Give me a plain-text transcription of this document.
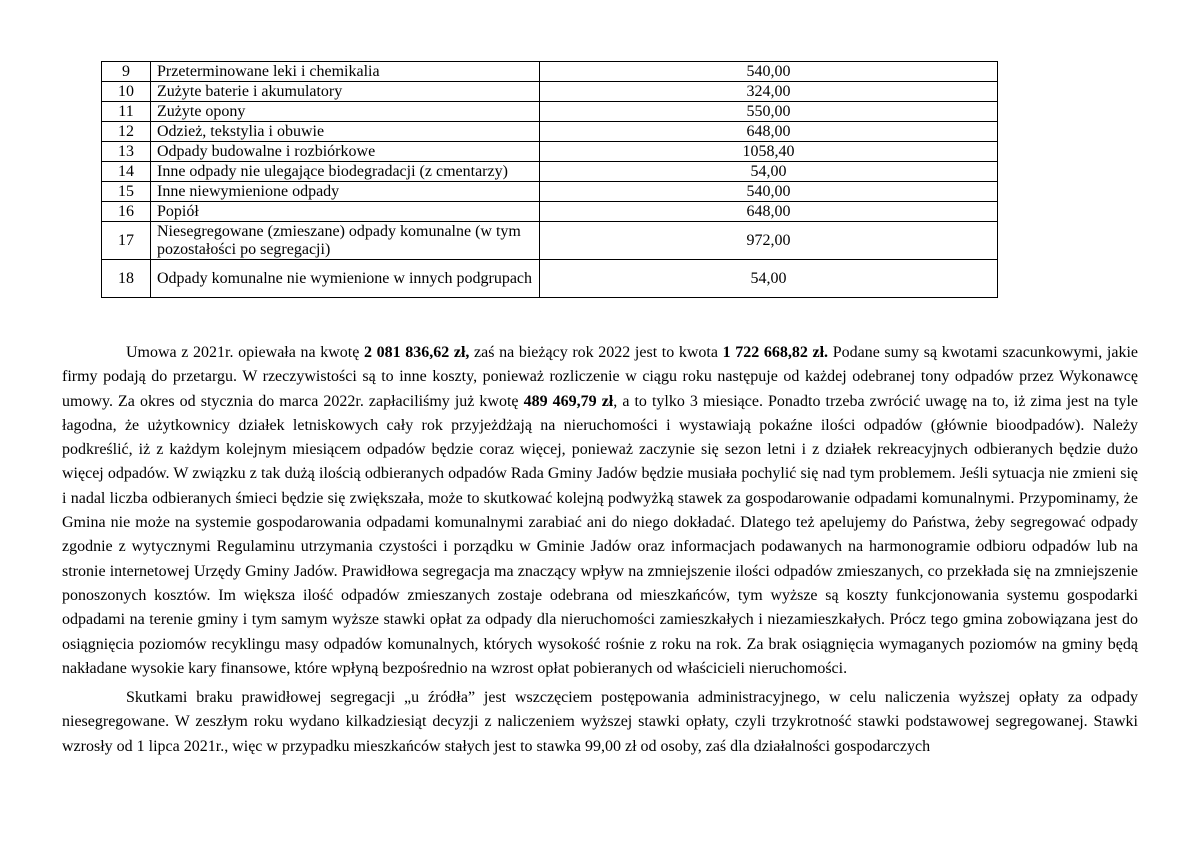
9	Przeterminowane leki i chemikalia	540,00
10	Zużyte baterie i akumulatory	324,00
11	Zużyte opony	550,00
12	Odzież, tekstylia i obuwie	648,00
13	Odpady budowalne i rozbiórkowe	1058,40
14	Inne odpady nie ulegające biodegradacji (z cmentarzy)	54,00
15	Inne niewymienione odpady	540,00
16	Popiół	648,00
17	Niesegregowane (zmieszane) odpady komunalne (w tym pozostałości po segregacji)	972,00
18	Odpady komunalne nie wymienione w innych podgrupach	54,00

Umowa z 2021r. opiewała na kwotę 2 081 836,62 zł, zaś na bieżący rok 2022 jest to kwota 1 722 668,82 zł. Podane sumy są kwotami szacunkowymi, jakie firmy podają do przetargu. W rzeczywistości są to inne koszty, ponieważ rozliczenie w ciągu roku następuje od każdej odebranej tony odpadów przez Wykonawcę umowy. Za okres od stycznia do marca 2022r. zapłaciliśmy już kwotę 489 469,79 zł, a to tylko 3 miesiące. Ponadto trzeba zwrócić uwagę na to, iż zima jest na tyle łagodna, że użytkownicy działek letniskowych cały rok przyjeżdżają na nieruchomości i wystawiają pokaźne ilości odpadów (głównie bioodpadów). Należy podkreślić, iż z każdym kolejnym miesiącem odpadów będzie coraz więcej, ponieważ zaczynie się sezon letni i z działek rekreacyjnych odbieranych będzie dużo więcej odpadów. W związku z tak dużą ilością odbieranych odpadów Rada Gminy Jadów będzie musiała pochylić się nad tym problemem. Jeśli sytuacja nie zmieni się i nadal liczba odbieranych śmieci będzie się zwiększała, może to skutkować kolejną podwyżką stawek za gospodarowanie odpadami komunalnymi. Przypominamy, że Gmina nie może na systemie gospodarowania odpadami komunalnymi zarabiać ani do niego dokładać. Dlatego też apelujemy do Państwa, żeby segregować odpady zgodnie z wytycznymi Regulaminu utrzymania czystości i porządku w Gminie Jadów oraz informacjach podawanych na harmonogramie odbioru odpadów lub na stronie internetowej Urzędy Gminy Jadów. Prawidłowa segregacja ma znaczący wpływ na zmniejszenie ilości odpadów zmieszanych, co przekłada się na zmniejszenie ponoszonych kosztów. Im większa ilość odpadów zmieszanych zostaje odebrana od mieszkańców, tym wyższe są koszty funkcjonowania systemu gospodarki odpadami na terenie gminy i tym samym wyższe stawki opłat za odpady dla nieruchomości zamieszkałych i niezamieszkałych. Prócz tego gmina zobowiązana jest do osiągnięcia poziomów recyklingu masy odpadów komunalnych, których wysokość rośnie z roku na rok. Za brak osiągnięcia wymaganych poziomów na gminy będą nakładane wysokie kary finansowe, które wpłyną bezpośrednio na wzrost opłat pobieranych od właścicieli nieruchomości.

Skutkami braku prawidłowej segregacji „u źródła” jest wszczęciem postępowania administracyjnego, w celu naliczenia wyższej opłaty za odpady niesegregowane. W zeszłym roku wydano kilkadziesiąt decyzji z naliczeniem wyższej stawki opłaty, czyli trzykrotność stawki podstawowej segregowanej. Stawki wzrosły od 1 lipca 2021r., więc w przypadku mieszkańców stałych jest to stawka 99,00 zł od osoby, zaś dla działalności gospodarczych
